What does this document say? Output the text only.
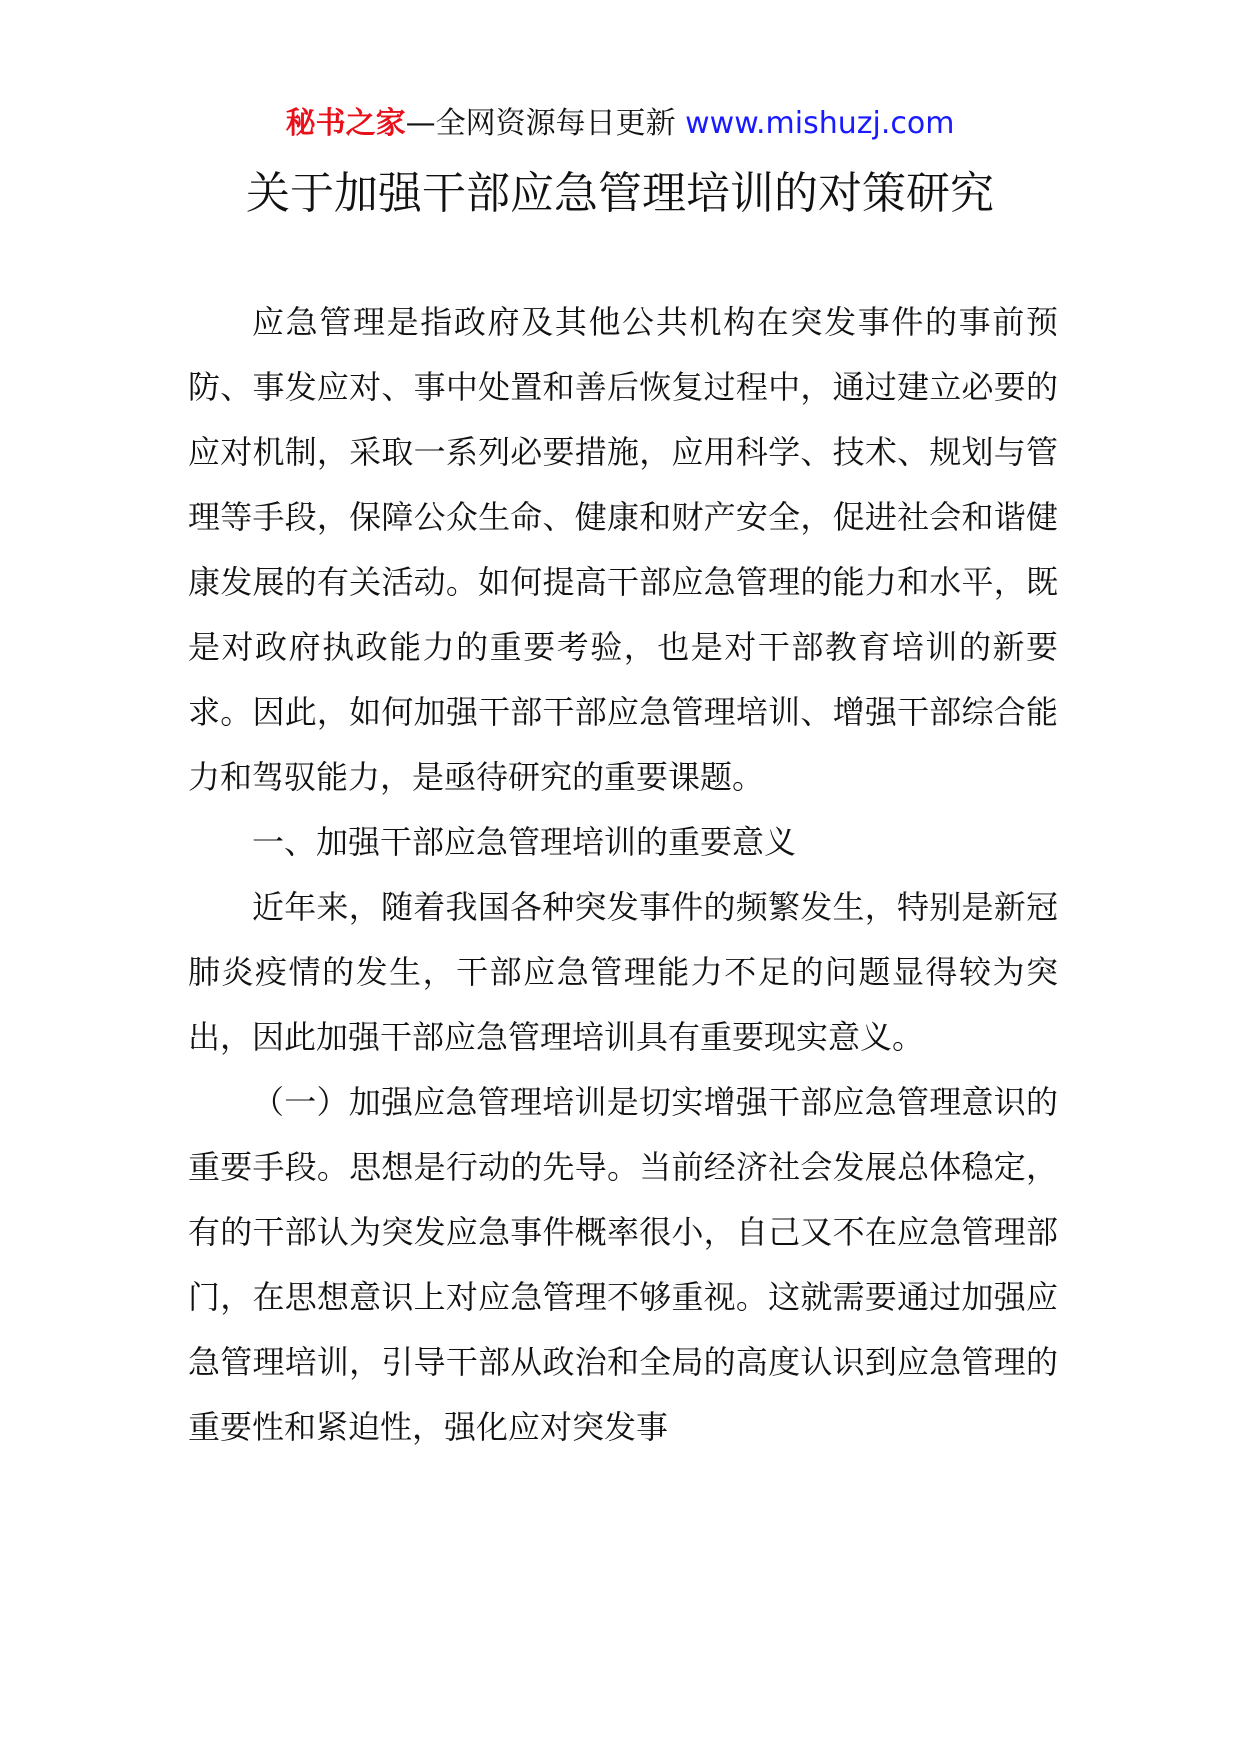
秘书之家—全网资源每日更新 www.mishuzj.com
关于加强干部应急管理培训的对策研究

应急管理是指政府及其他公共机构在突发事件的事前预防、事发应对、事中处置和善后恢复过程中，通过建立必要的应对机制，采取一系列必要措施，应用科学、技术、规划与管理等手段，保障公众生命、健康和财产安全，促进社会和谐健康发展的有关活动。如何提高干部应急管理的能力和水平，既是对政府执政能力的重要考验，也是对干部教育培训的新要求。因此，如何加强干部干部应急管理培训、增强干部综合能力和驾驭能力，是亟待研究的重要课题。

一、加强干部应急管理培训的重要意义

近年来，随着我国各种突发事件的频繁发生，特别是新冠肺炎疫情的发生，干部应急管理能力不足的问题显得较为突出，因此加强干部应急管理培训具有重要现实意义。

（一）加强应急管理培训是切实增强干部应急管理意识的重要手段。思想是行动的先导。当前经济社会发展总体稳定，有的干部认为突发应急事件概率很小，自己又不在应急管理部门，在思想意识上对应急管理不够重视。这就需要通过加强应急管理培训，引导干部从政治和全局的高度认识到应急管理的重要性和紧迫性，强化应对突发事
